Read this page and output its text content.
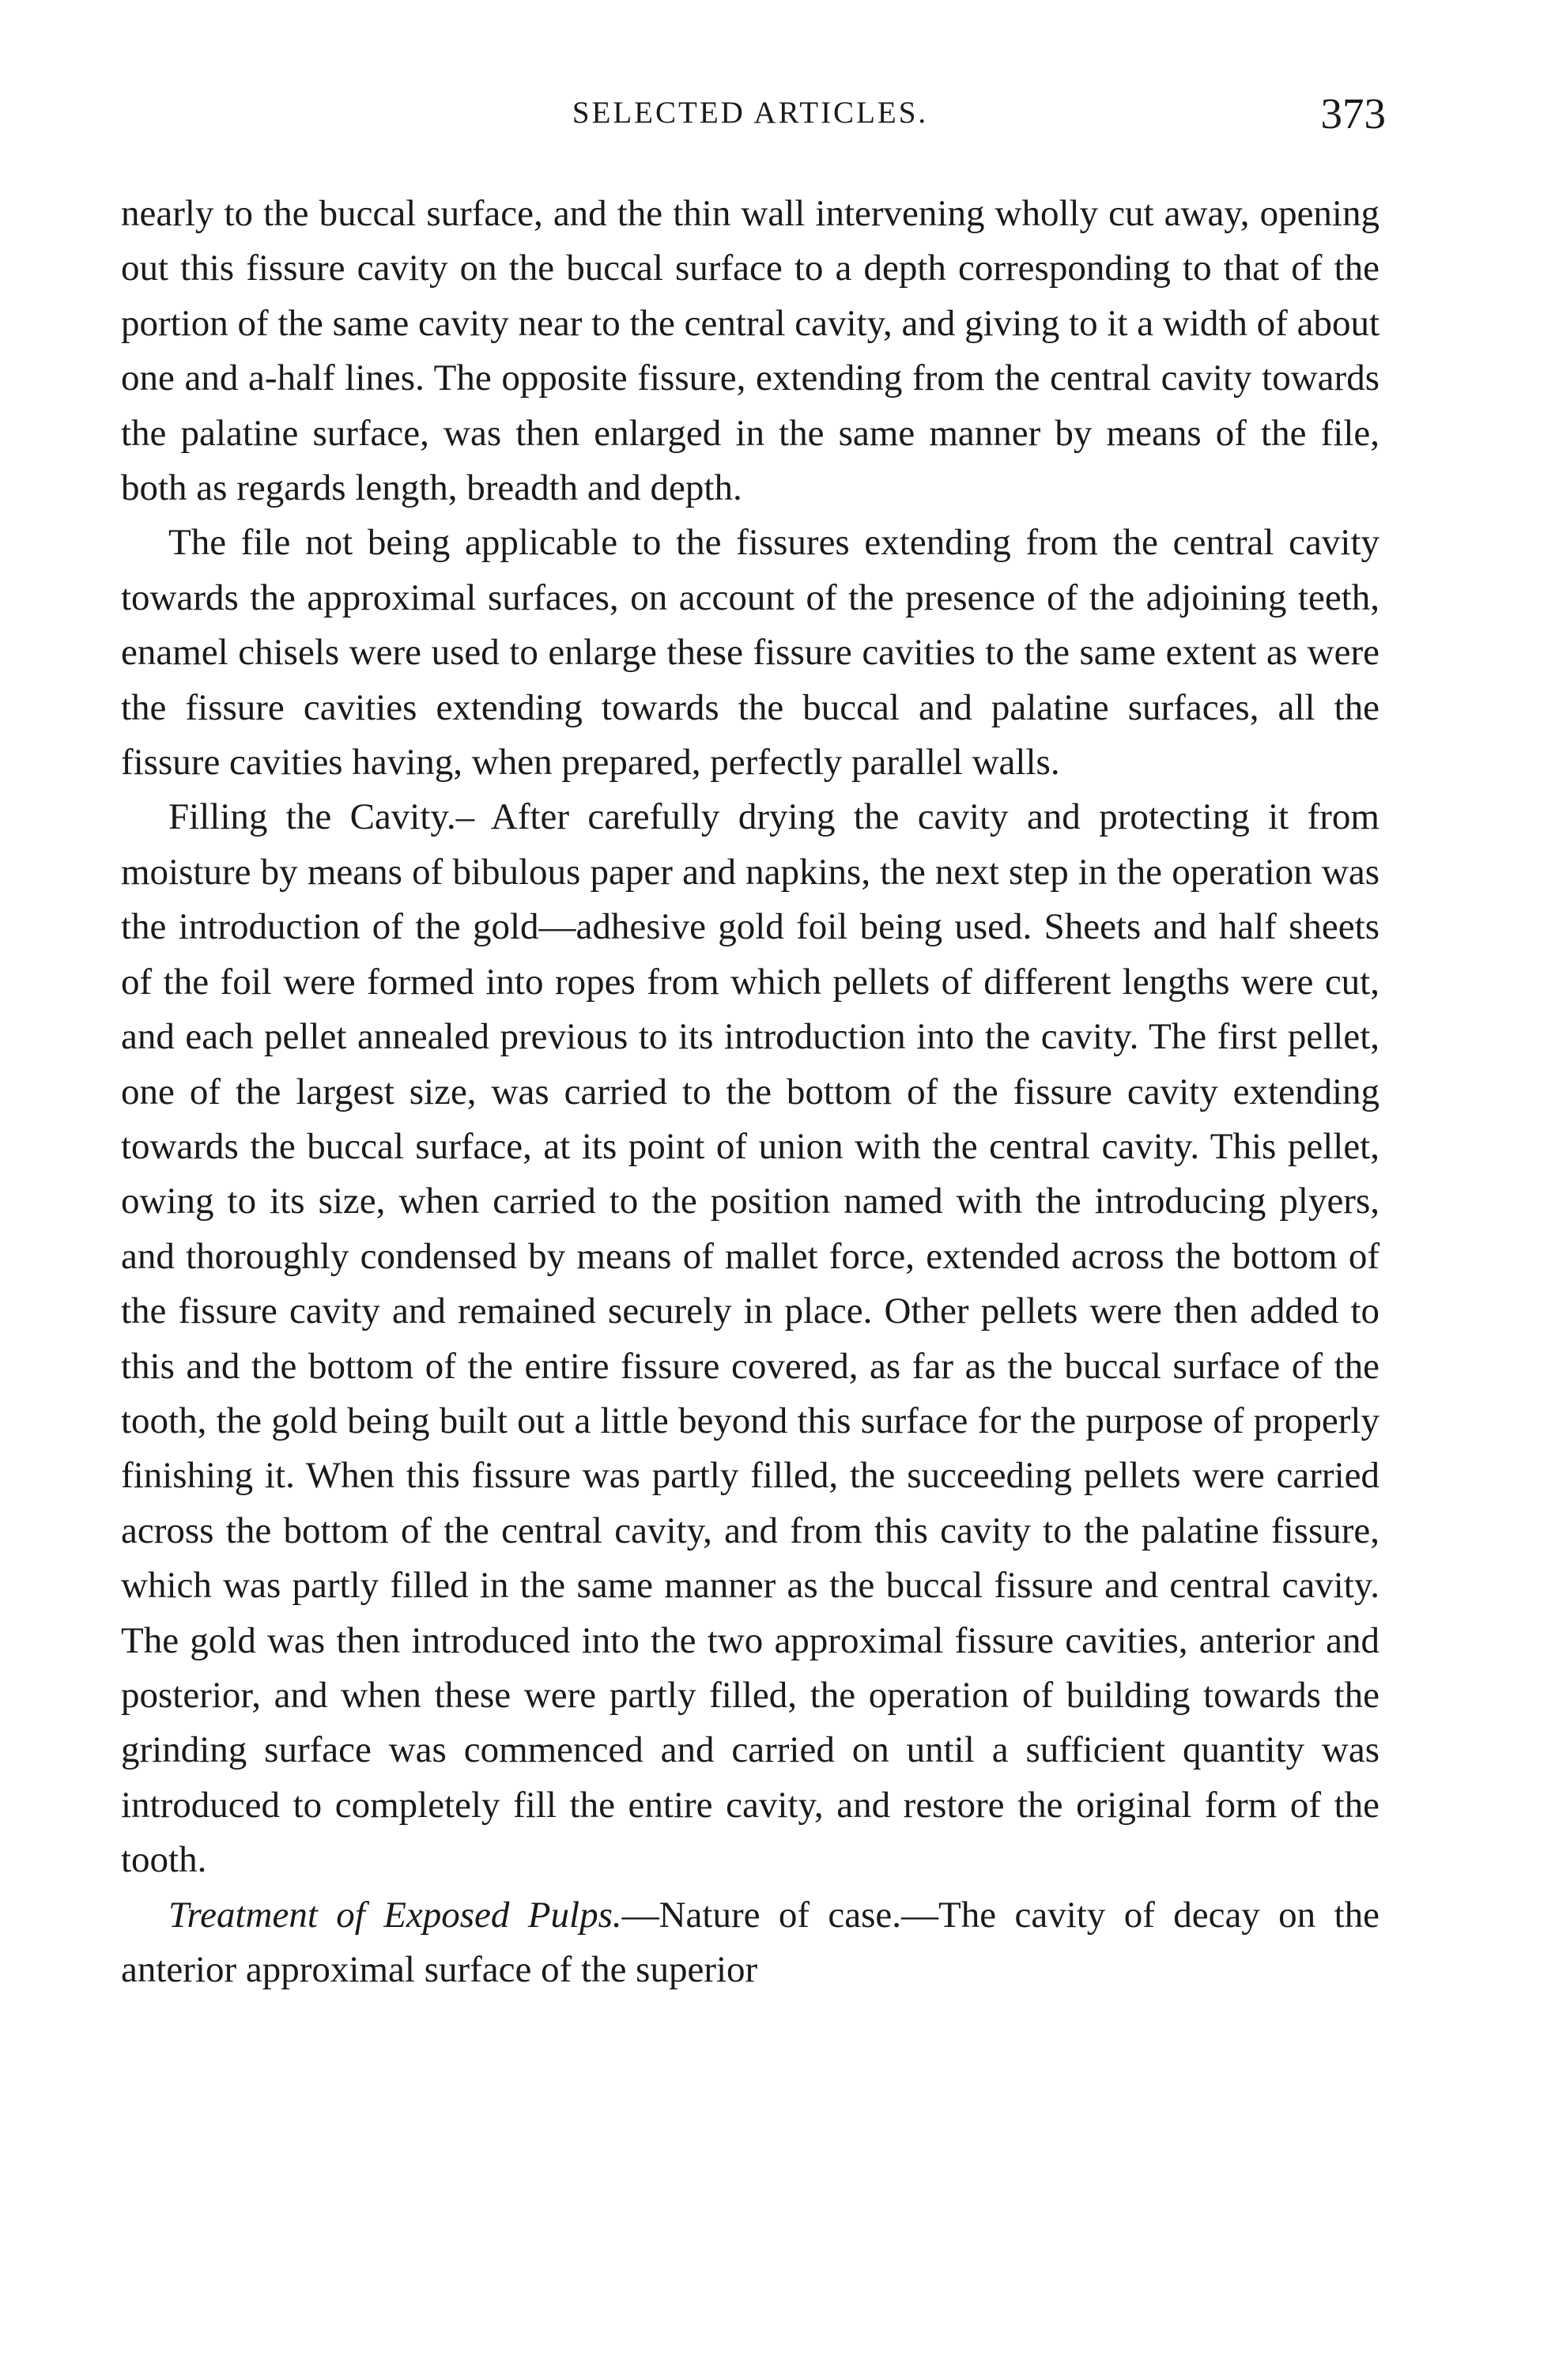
SELECTED ARTICLES.	373

nearly to the buccal surface, and the thin wall intervening wholly cut away, opening out this fissure cavity on the buccal surface to a depth corresponding to that of the portion of the same cavity near to the central cavity, and giving to it a width of about one and a-half lines. The opposite fissure, extending from the central cavity towards the palatine surface, was then enlarged in the same manner by means of the file, both as regards length, breadth and depth.

The file not being applicable to the fissures extending from the central cavity towards the approximal surfaces, on account of the presence of the adjoining teeth, enamel chisels were used to enlarge these fissure cavities to the same extent as were the fissure cavities extending towards the buccal and palatine surfaces, all the fissure cavities having, when prepared, perfectly parallel walls.

Filling the Cavity.– After carefully drying the cavity and protecting it from moisture by means of bibulous paper and napkins, the next step in the operation was the introduction of the gold—adhesive gold foil being used. Sheets and half sheets of the foil were formed into ropes from which pellets of different lengths were cut, and each pellet annealed previous to its introduction into the cavity. The first pellet, one of the largest size, was carried to the bottom of the fissure cavity extending towards the buccal surface, at its point of union with the central cavity. This pellet, owing to its size, when carried to the position named with the introducing plyers, and thoroughly condensed by means of mallet force, extended across the bottom of the fissure cavity and remained securely in place. Other pellets were then added to this and the bottom of the entire fissure covered, as far as the buccal surface of the tooth, the gold being built out a little beyond this surface for the purpose of properly finishing it. When this fissure was partly filled, the succeeding pellets were carried across the bottom of the central cavity, and from this cavity to the palatine fissure, which was partly filled in the same manner as the buccal fissure and central cavity. The gold was then introduced into the two approximal fissure cavities, anterior and posterior, and when these were partly filled, the operation of building towards the grinding surface was commenced and carried on until a sufficient quantity was introduced to completely fill the entire cavity, and restore the original form of the tooth.

Treatment of Exposed Pulps.—Nature of case.—The cavity of decay on the anterior approximal surface of the superior
